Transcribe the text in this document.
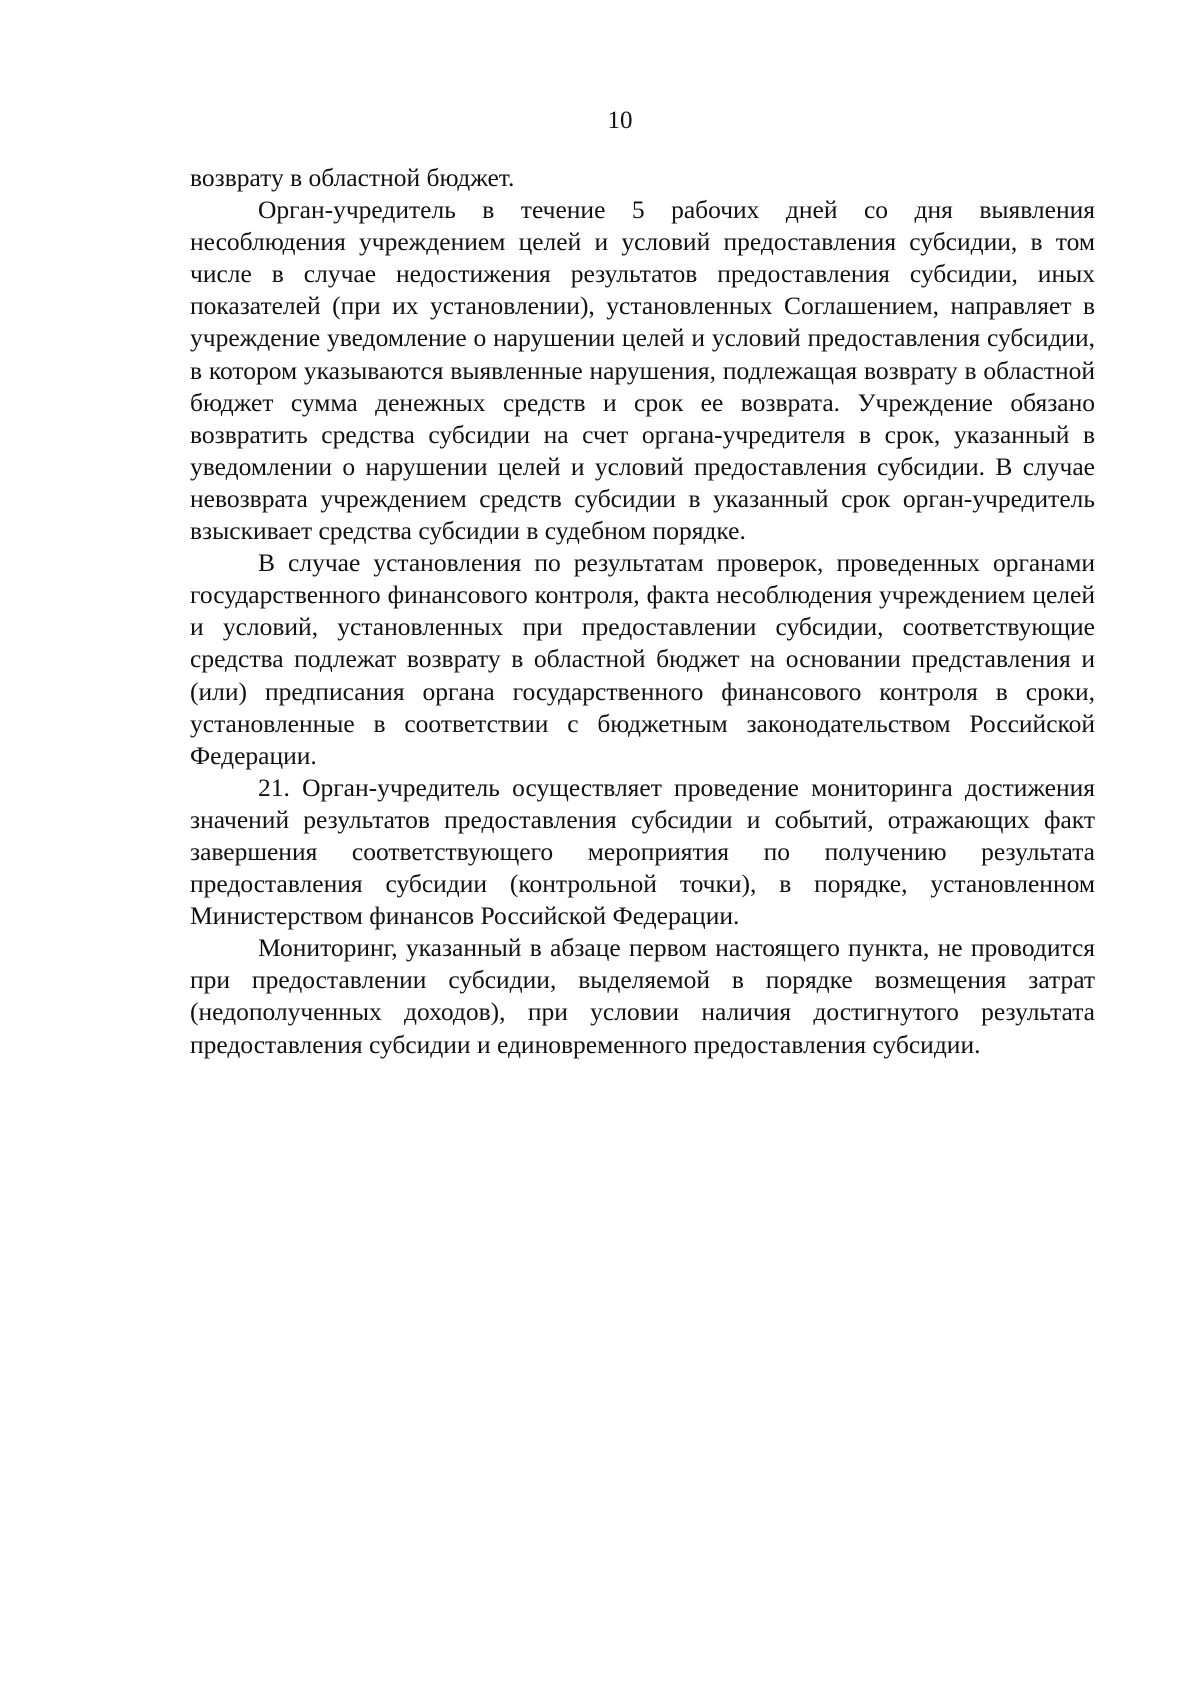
10

возврату в областной бюджет.

Орган-учредитель в течение 5 рабочих дней со дня выявления несоблюдения учреждением целей и условий предоставления субсидии, в том числе в случае недостижения результатов предоставления субсидии, иных показателей (при их установлении), установленных Соглашением, направляет в учреждение уведомление о нарушении целей и условий предоставления субсидии, в котором указываются выявленные нарушения, подлежащая возврату в областной бюджет сумма денежных средств и срок ее возврата. Учреждение обязано возвратить средства субсидии на счет органа-учредителя в срок, указанный в уведомлении о нарушении целей и условий предоставления субсидии. В случае невозврата учреждением средств субсидии в указанный срок орган-учредитель взыскивает средства субсидии в судебном порядке.

В случае установления по результатам проверок, проведенных органами государственного финансового контроля, факта несоблюдения учреждением целей и условий, установленных при предоставлении субсидии, соответствующие средства подлежат возврату в областной бюджет на основании представления и (или) предписания органа государственного финансового контроля в сроки, установленные в соответствии с бюджетным законодательством Российской Федерации.

21. Орган-учредитель осуществляет проведение мониторинга достижения значений результатов предоставления субсидии и событий, отражающих факт завершения соответствующего мероприятия по получению результата предоставления субсидии (контрольной точки), в порядке, установленном Министерством финансов Российской Федерации.

Мониторинг, указанный в абзаце первом настоящего пункта, не проводится при предоставлении субсидии, выделяемой в порядке возмещения затрат (недополученных доходов), при условии наличия достигнутого результата предоставления субсидии и единовременного предоставления субсидии.
